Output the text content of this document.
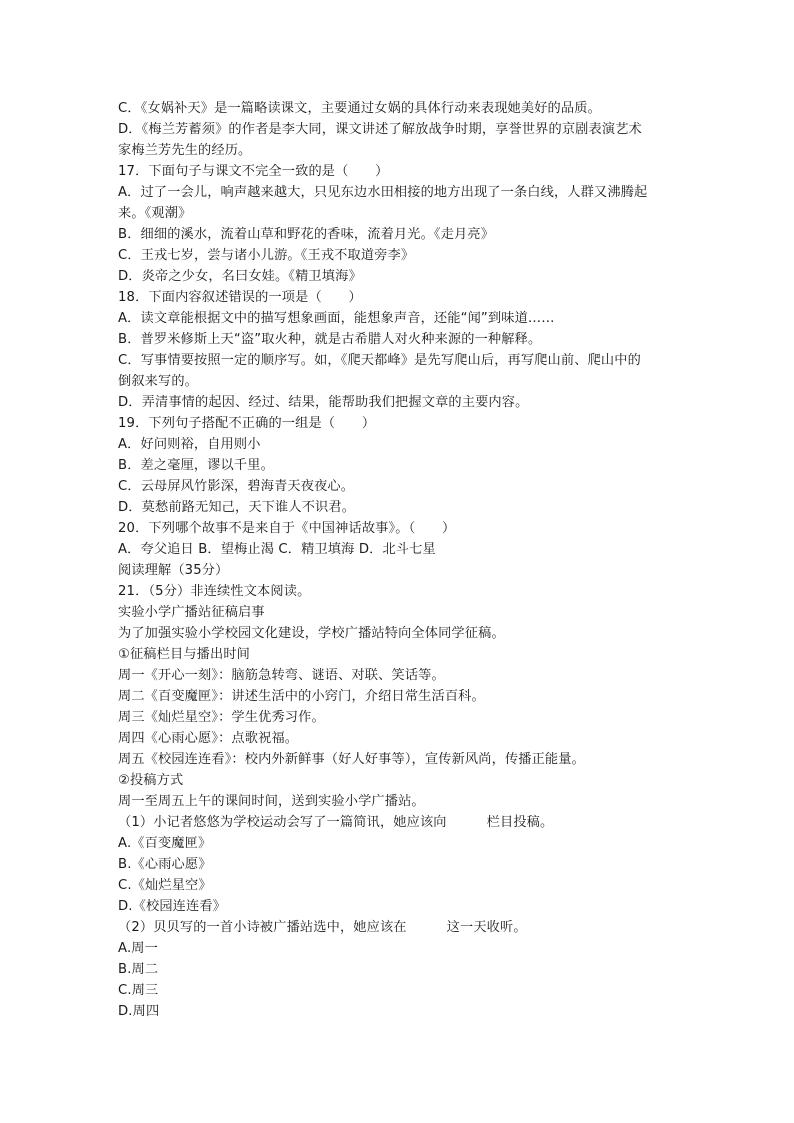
C．《女娲补天》是一篇略读课文，主要通过女娲的具体行动来表现她美好的品质。
D．《梅兰芳蓄须》的作者是李大同，课文讲述了解放战争时期，享誉世界的京剧表演艺术
家梅兰芳先生的经历。
17．下面句子与课文不完全一致的是（　　）
A．过了一会儿，响声越来越大，只见东边水田相接的地方出现了一条白线，人群又沸腾起
来。《观潮》
B．细细的溪水，流着山草和野花的香味，流着月光。《走月亮》
C．王戎七岁，尝与诸小儿游。《王戎不取道旁李》
D．炎帝之少女，名曰女娃。《精卫填海》
18．下面内容叙述错误的一项是（　　）
A．读文章能根据文中的描写想象画面，能想象声音，还能“闻”到味道……
B．普罗米修斯上天“盗”取火种，就是古希腊人对火种来源的一种解释。
C．写事情要按照一定的顺序写。如，《爬天都峰》是先写爬山后，再写爬山前、爬山中的
倒叙来写的。
D．弄清事情的起因、经过、结果，能帮助我们把握文章的主要内容。
19．下列句子搭配不正确的一组是（　　）
A．好问则裕，自用则小
B．差之毫厘，谬以千里。
C．云母屏风竹影深，碧海青天夜夜心。
D．莫愁前路无知己，天下谁人不识君。
20．下列哪个故事不是来自于《中国神话故事》。（　　）
A．夸父追日 B．望梅止渴 C．精卫填海 D．北斗七星
阅读理解（35分）
21．（5分）非连续性文本阅读。
实验小学广播站征稿启事
为了加强实验小学校园文化建设，学校广播站特向全体同学征稿。
①征稿栏目与播出时间
周一《开心一刻》：脑筋急转弯、谜语、对联、笑话等。
周二《百变魔匣》：讲述生活中的小窍门，介绍日常生活百科。
周三《灿烂星空》：学生优秀习作。
周四《心雨心愿》：点歌祝福。
周五《校园连连看》：校内外新鲜事（好人好事等），宣传新风尚，传播正能量。
②投稿方式
周一至周五上午的课间时间，送到实验小学广播站。
（1）小记者悠悠为学校运动会写了一篇简讯，她应该向　　　栏目投稿。
A.《百变魔匣》
B.《心雨心愿》
C.《灿烂星空》
D.《校园连连看》
（2）贝贝写的一首小诗被广播站选中，她应该在　　　这一天收听。
A.周一
B.周二
C.周三
D.周四
